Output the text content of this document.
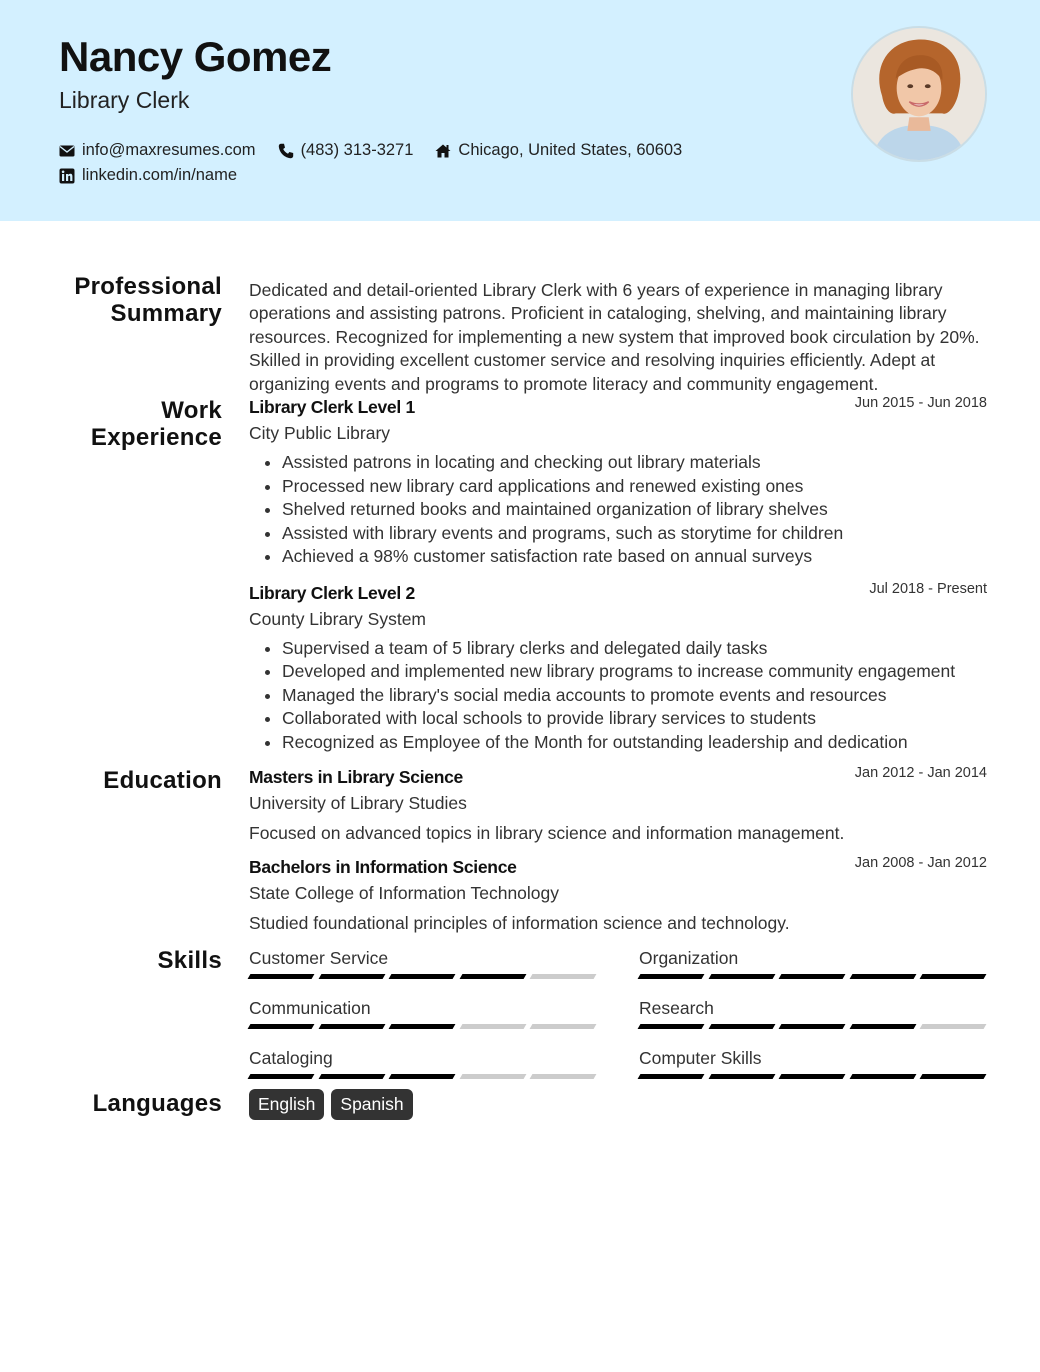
Nancy Gomez
Library Clerk
info@maxresumes.com	(483) 313-3271	Chicago, United States, 60603
linkedin.com/in/name
Professional
Summary

Dedicated and detail-oriented Library Clerk with 6 years of experience in managing library operations and assisting patrons. Proficient in cataloging, shelving, and maintaining library resources. Recognized for implementing a new system that improved book circulation by 20%. Skilled in providing excellent customer service and resolving inquiries efficiently. Adept at organizing events and programs to promote literacy and community engagement.

Work
Experience
Library Clerk Level 1	Jun 2015 - Jun 2018
City Public Library
• Assisted patrons in locating and checking out library materials
• Processed new library card applications and renewed existing ones
• Shelved returned books and maintained organization of library shelves
• Assisted with library events and programs, such as storytime for children
• Achieved a 98% customer satisfaction rate based on annual surveys
Library Clerk Level 2	Jul 2018 - Present
County Library System
• Supervised a team of 5 library clerks and delegated daily tasks
• Developed and implemented new library programs to increase community engagement
• Managed the library's social media accounts to promote events and resources
• Collaborated with local schools to provide library services to students
• Recognized as Employee of the Month for outstanding leadership and dedication
Education Masters in Library Science	Jan 2012 - Jan 2014
University of Library Studies

Focused on advanced topics in library science and information management.

Bachelors in Information Science	Jan 2008 - Jan 2012
State College of Information Technology

Studied foundational principles of information science and technology.

Skills Customer Service	Organization
Communication	Research
Cataloging	Computer Skills
Languages	English	Spanish
